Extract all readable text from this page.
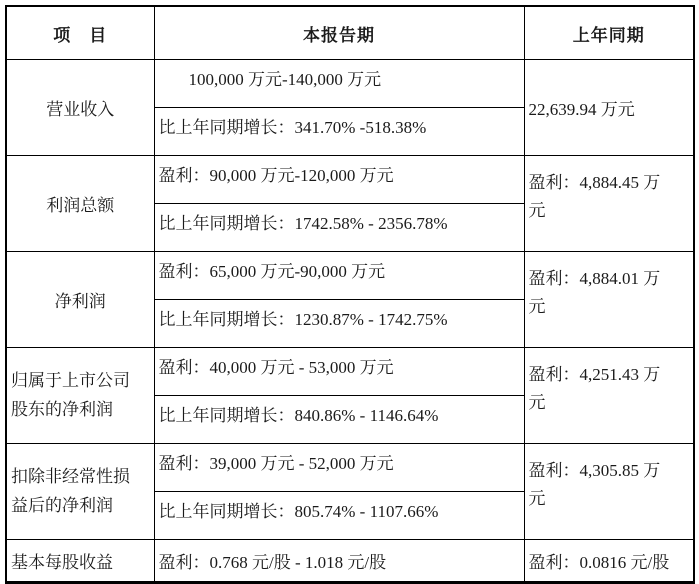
项　目	本报告期	上年同期
营业收入	100,000 万元-140,000 万元	22,639.94 万元
	比上年同期增长：341.70% -518.38%	
利润总额	盈利：90,000 万元-120,000 万元	盈利：4,884.45 万元
	比上年同期增长：1742.58% - 2356.78%	
净利润	盈利：65,000 万元-90,000 万元	盈利：4,884.01 万元
	比上年同期增长：1230.87% - 1742.75%	
归属于上市公司股东的净利润	盈利：40,000 万元 - 53,000 万元	盈利：4,251.43 万元
	比上年同期增长：840.86% - 1146.64%	
扣除非经常性损益后的净利润	盈利：39,000 万元 - 52,000 万元	盈利：4,305.85 万元
	比上年同期增长：805.74% - 1107.66%	
基本每股收益	盈利：0.768 元/股 - 1.018 元/股	盈利：0.0816 元/股
